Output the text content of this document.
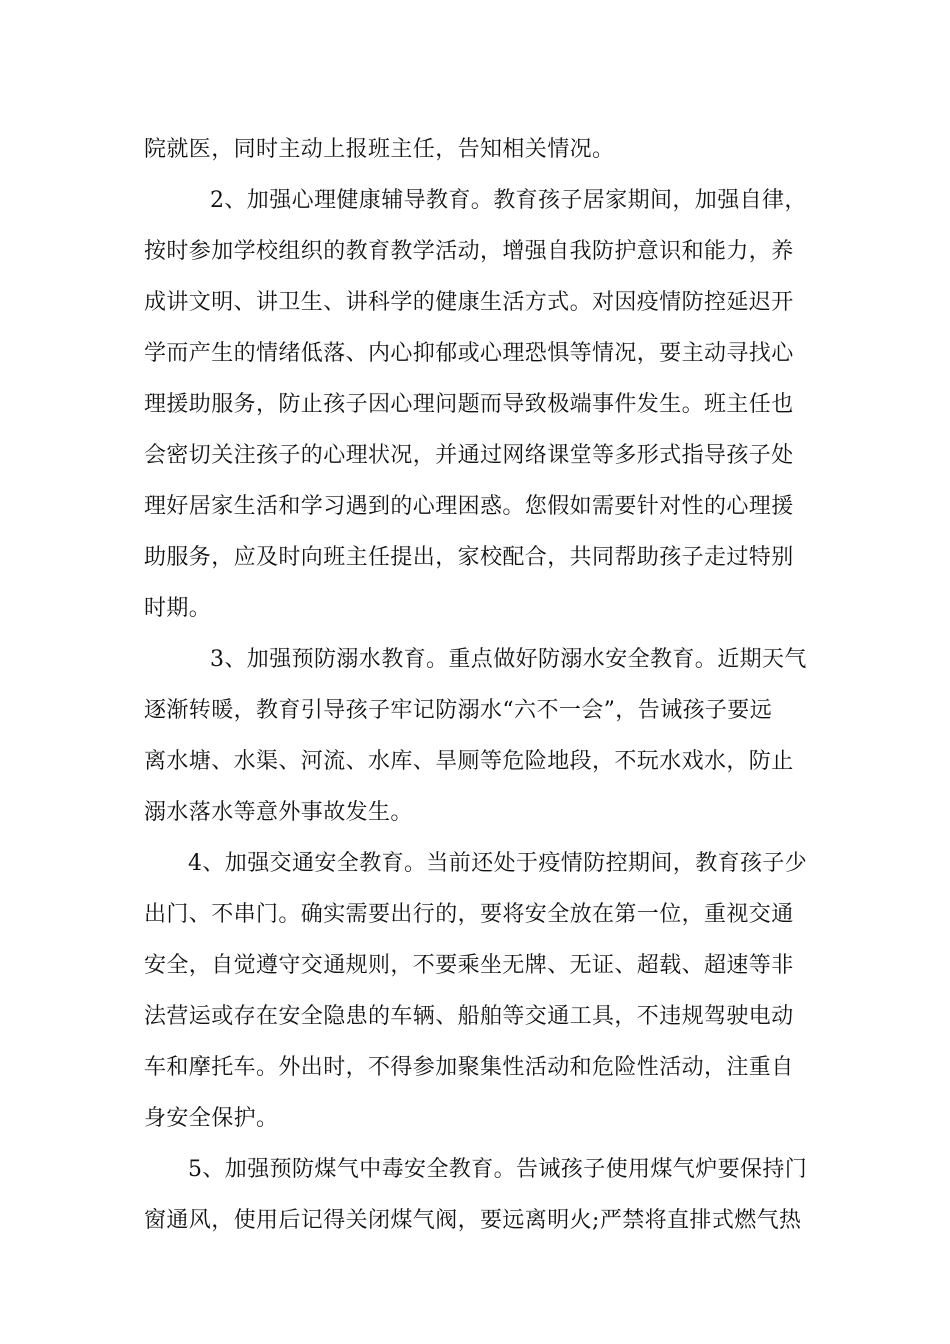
院就医，同时主动上报班主任，告知相关情况。
2、加强心理健康辅导教育。教育孩子居家期间，加强自律，
按时参加学校组织的教育教学活动，增强自我防护意识和能力，养
成讲文明、讲卫生、讲科学的健康生活方式。对因疫情防控延迟开
学而产生的情绪低落、内心抑郁或心理恐惧等情况，要主动寻找心
理援助服务，防止孩子因心理问题而导致极端事件发生。班主任也
会密切关注孩子的心理状况，并通过网络课堂等多形式指导孩子处
理好居家生活和学习遇到的心理困惑。您假如需要针对性的心理援
助服务，应及时向班主任提出，家校配合，共同帮助孩子走过特别
时期。
3、加强预防溺水教育。重点做好防溺水安全教育。近期天气
逐渐转暖，教育引导孩子牢记防溺水“六不一会”，告诫孩子要远
离水塘、水渠、河流、水库、旱厕等危险地段，不玩水戏水，防止
溺水落水等意外事故发生。
4、加强交通安全教育。当前还处于疫情防控期间，教育孩子少
出门、不串门。确实需要出行的，要将安全放在第一位，重视交通
安全，自觉遵守交通规则，不要乘坐无牌、无证、超载、超速等非
法营运或存在安全隐患的车辆、船舶等交通工具，不违规驾驶电动
车和摩托车。外出时，不得参加聚集性活动和危险性活动，注重自
身安全保护。
5、加强预防煤气中毒安全教育。告诫孩子使用煤气炉要保持门
窗通风，使用后记得关闭煤气阀，要远离明火;严禁将直排式燃气热
